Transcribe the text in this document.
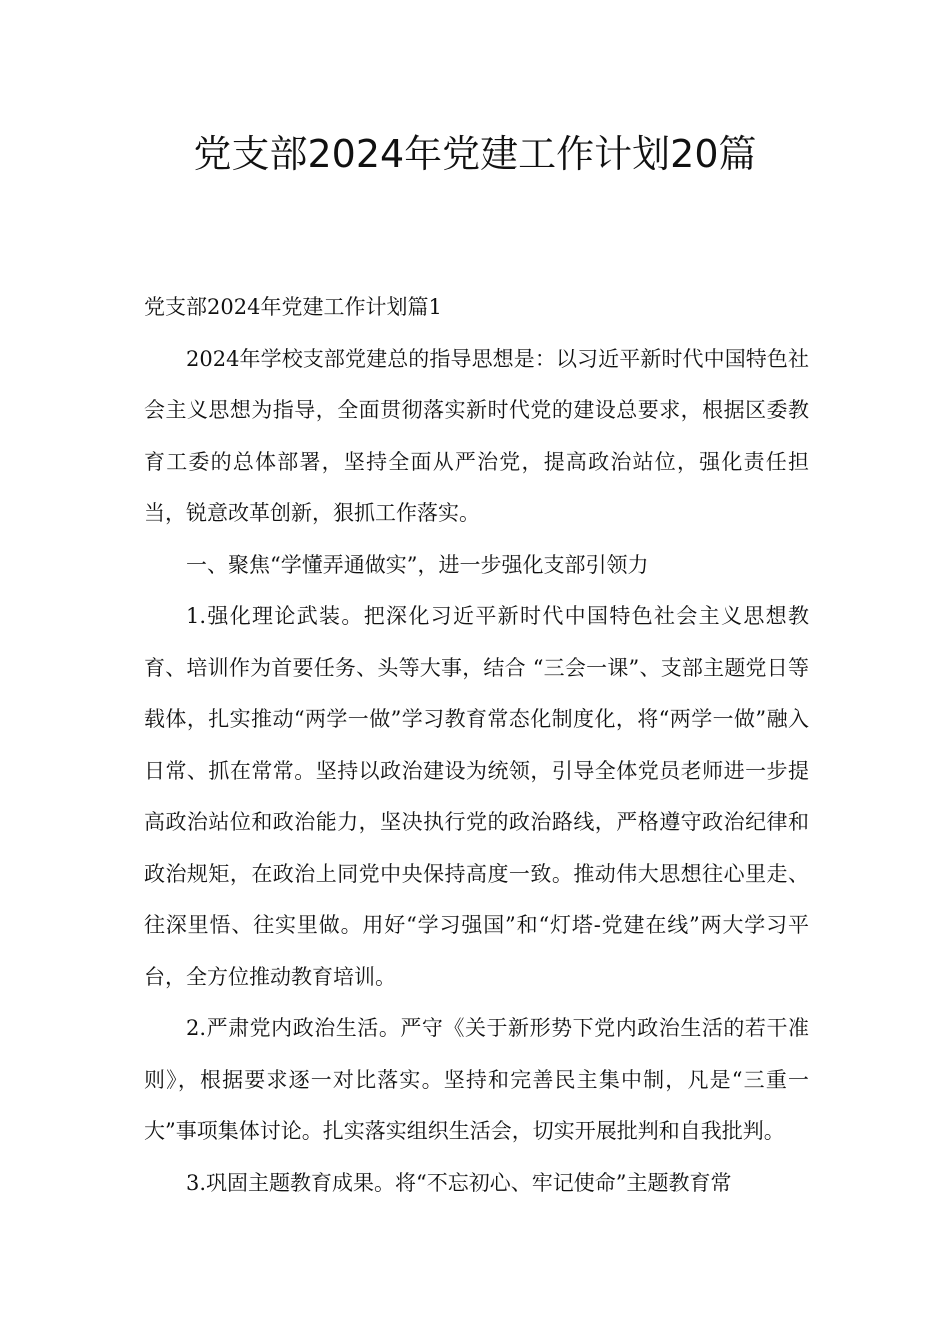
党支部2024年党建工作计划20篇

党支部2024年党建工作计划篇1

2024年学校支部党建总的指导思想是：以习近平新时代中国特色社会主义思想为指导，全面贯彻落实新时代党的建设总要求，根据区委教育工委的总体部署，坚持全面从严治党，提高政治站位，强化责任担当，锐意改革创新，狠抓工作落实。

一、聚焦“学懂弄通做实”，进一步强化支部引领力

1.强化理论武装。把深化习近平新时代中国特色社会主义思想教育、培训作为首要任务、头等大事，结合 “三会一课”、支部主题党日等载体，扎实推动“两学一做”学习教育常态化制度化，将“两学一做”融入日常、抓在常常。坚持以政治建设为统领，引导全体党员老师进一步提高政治站位和政治能力，坚决执行党的政治路线，严格遵守政治纪律和政治规矩，在政治上同党中央保持高度一致。推动伟大思想往心里走、往深里悟、往实里做。用好“学习强国”和“灯塔-党建在线”两大学习平台，全方位推动教育培训。

2.严肃党内政治生活。严守《关于新形势下党内政治生活的若干准则》，根据要求逐一对比落实。坚持和完善民主集中制，凡是“三重一大”事项集体讨论。扎实落实组织生活会，切实开展批判和自我批判。

3.巩固主题教育成果。将“不忘初心、牢记使命”主题教育常
